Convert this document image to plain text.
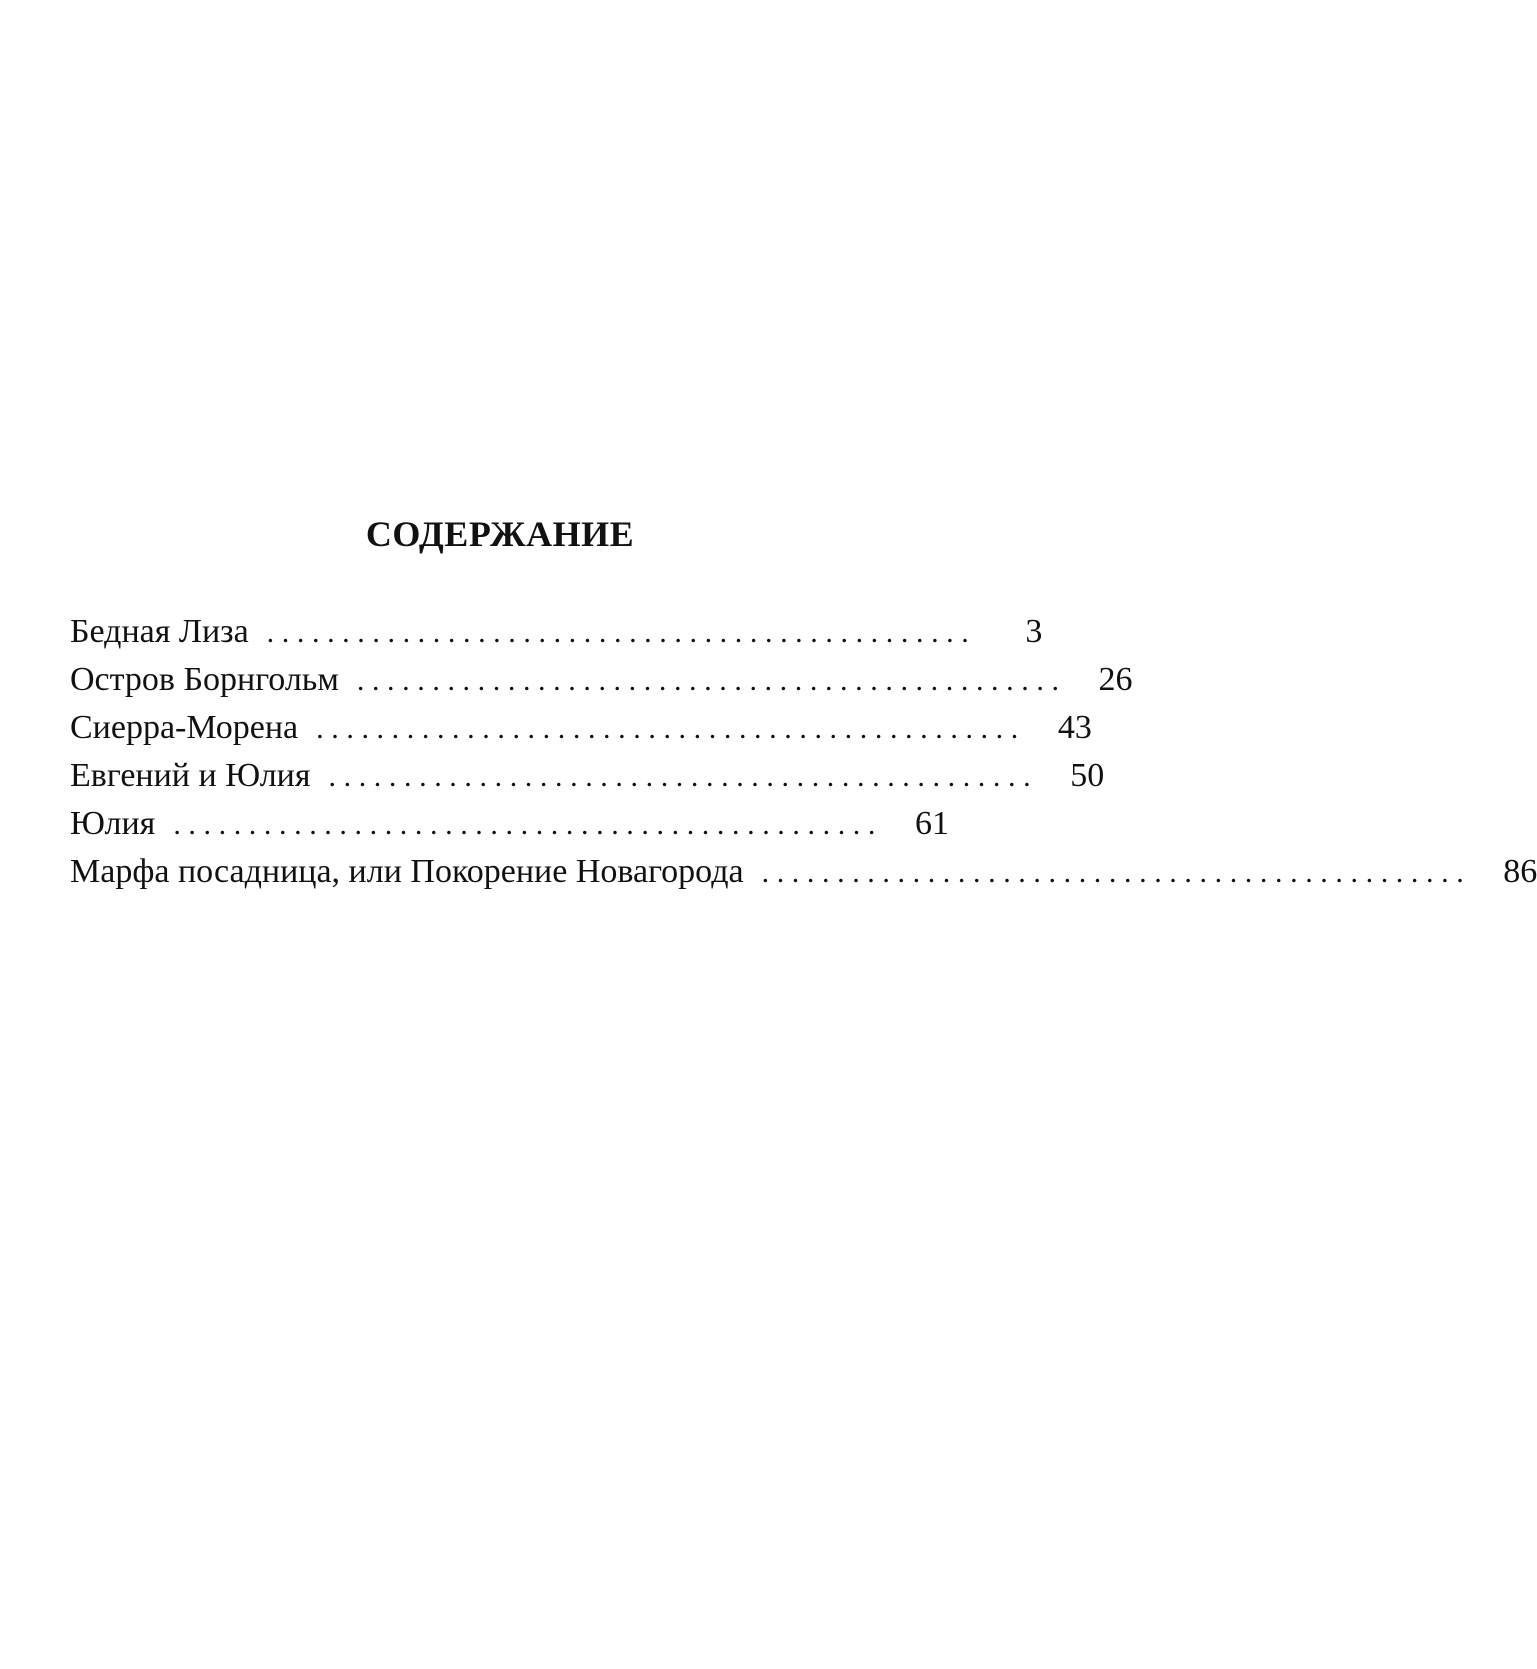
СОДЕРЖАНИЕ
Бедная Лиза ...............................................	3
Остров Борнгольм ............................................... 26
Сиерра-Морена ............................................... 43
Евгений и Юлия ............................................... 50
Юлия ............................................... 61
Марфа посадница, или Покорение Новагорода ............................................... 86
